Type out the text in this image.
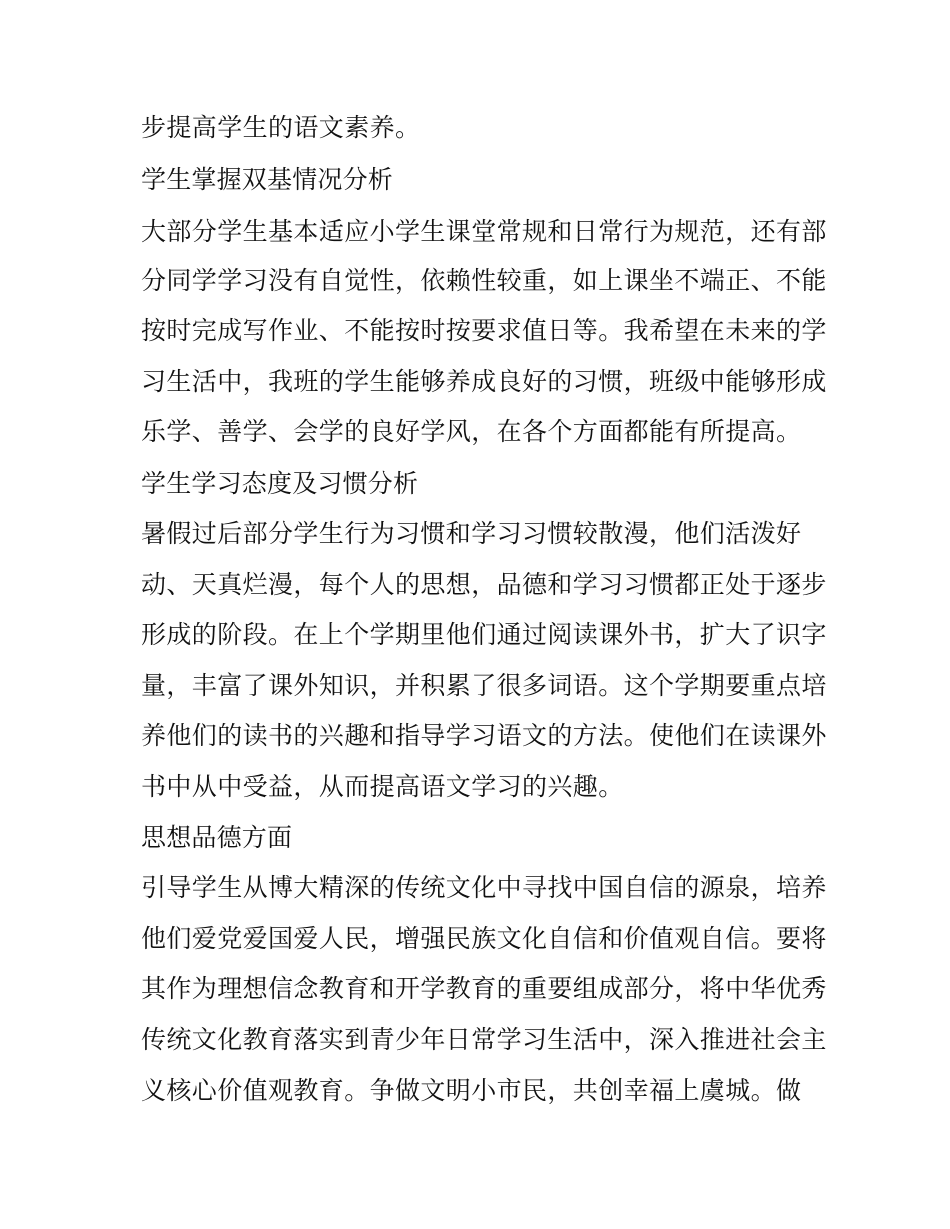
步提高学生的语文素养。
学生掌握双基情况分析
大部分学生基本适应小学生课堂常规和日常行为规范，还有部
分同学学习没有自觉性，依赖性较重，如上课坐不端正、不能
按时完成写作业、不能按时按要求值日等。我希望在未来的学
习生活中，我班的学生能够养成良好的习惯，班级中能够形成
乐学、善学、会学的良好学风，在各个方面都能有所提高。
学生学习态度及习惯分析
暑假过后部分学生行为习惯和学习习惯较散漫，他们活泼好
动、天真烂漫，每个人的思想，品德和学习习惯都正处于逐步
形成的阶段。在上个学期里他们通过阅读课外书，扩大了识字
量，丰富了课外知识，并积累了很多词语。这个学期要重点培
养他们的读书的兴趣和指导学习语文的方法。使他们在读课外
书中从中受益，从而提高语文学习的兴趣。
思想品德方面
引导学生从博大精深的传统文化中寻找中国自信的源泉，培养
他们爱党爱国爱人民，增强民族文化自信和价值观自信。要将
其作为理想信念教育和开学教育的重要组成部分，将中华优秀
传统文化教育落实到青少年日常学习生活中，深入推进社会主
义核心价值观教育。争做文明小市民，共创幸福上虞城。做
